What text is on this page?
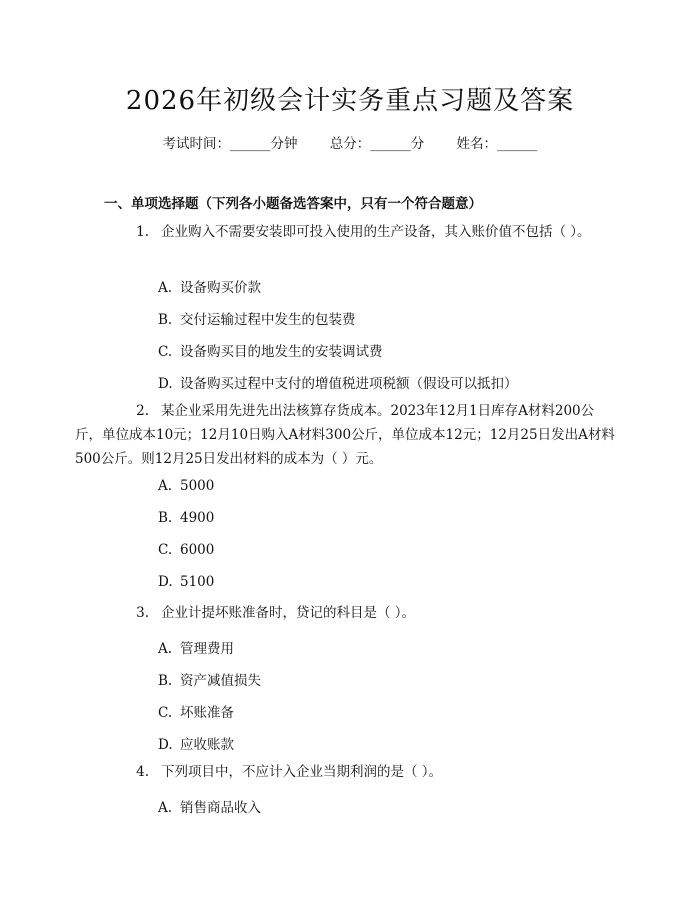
2026年初级会计实务重点习题及答案
考试时间：______分钟 总分：______分 姓名：______
一、单项选择题（下列各小题备选答案中，只有一个符合题意）
1. 企业购入不需要安装即可投入使用的生产设备，其入账价值不包括（ ）。
A. 设备购买价款
B. 交付运输过程中发生的包装费
C. 设备购买目的地发生的安装调试费
D. 设备购买过程中支付的增值税进项税额（假设可以抵扣）
2. 某企业采用先进先出法核算存货成本。2023年12月1日库存A材料200公斤，单位成本10元；12月10日购入A材料300公斤，单位成本12元；12月25日发出A材料500公斤。则12月25日发出材料的成本为（ ）元。
A. 5000
B. 4900
C. 6000
D. 5100
3. 企业计提坏账准备时，贷记的科目是（ ）。
A. 管理费用
B. 资产减值损失
C. 坏账准备
D. 应收账款
4. 下列项目中，不应计入企业当期利润的是（ ）。
A. 销售商品收入
